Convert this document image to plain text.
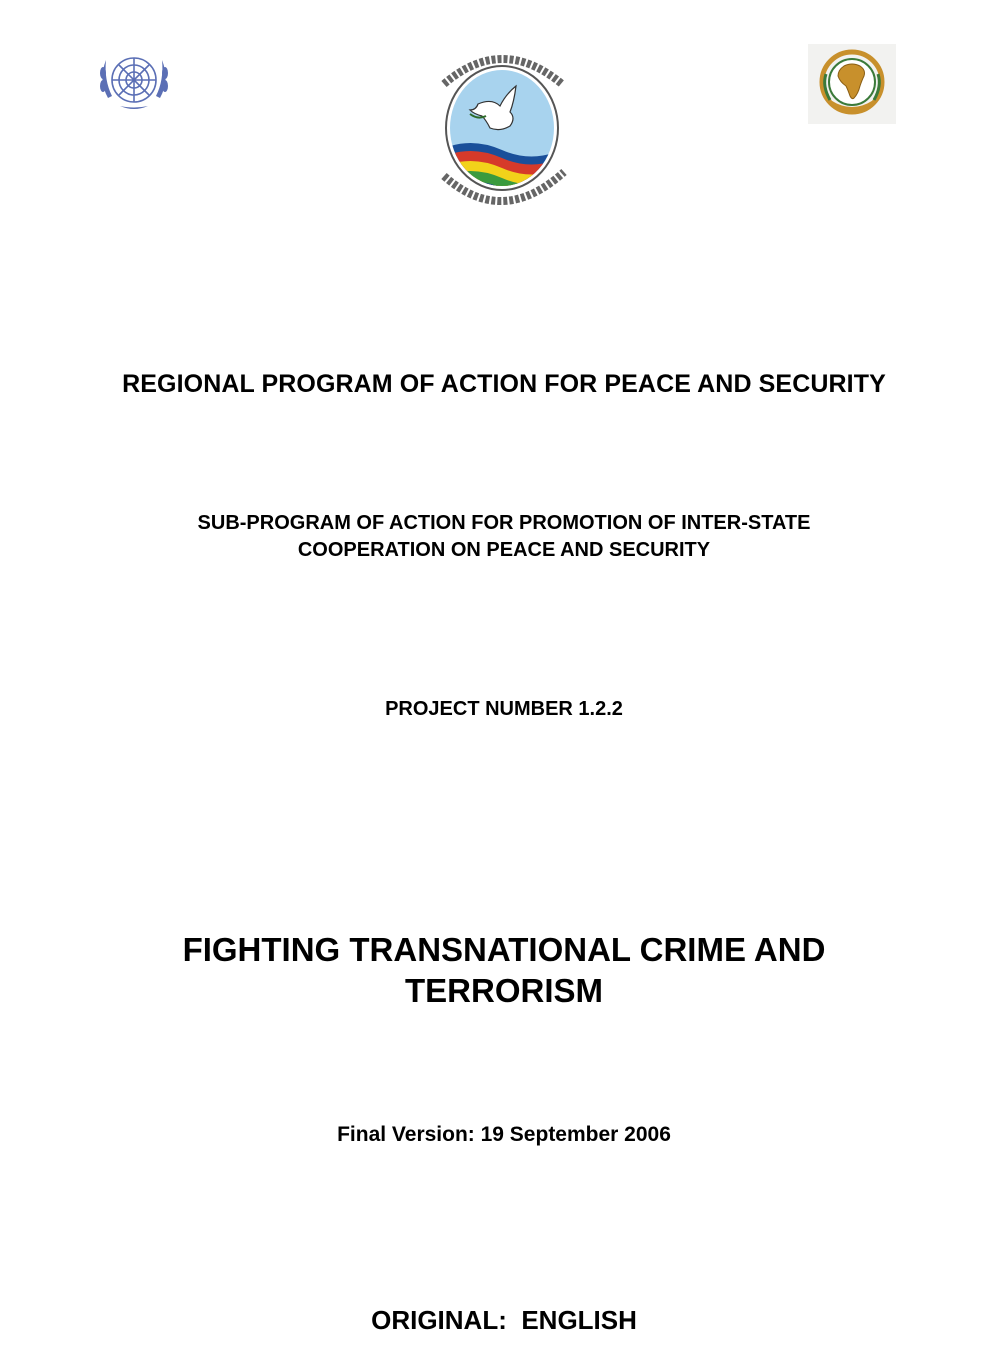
REGIONAL PROGRAM OF ACTION FOR PEACE AND SECURITY
SUB-PROGRAM OF ACTION FOR PROMOTION OF INTER-STATE
COOPERATION ON PEACE AND SECURITY
PROJECT NUMBER 1.2.2
FIGHTING TRANSNATIONAL CRIME AND
TERRORISM
Final Version: 19 September 2006
ORIGINAL:  ENGLISH
